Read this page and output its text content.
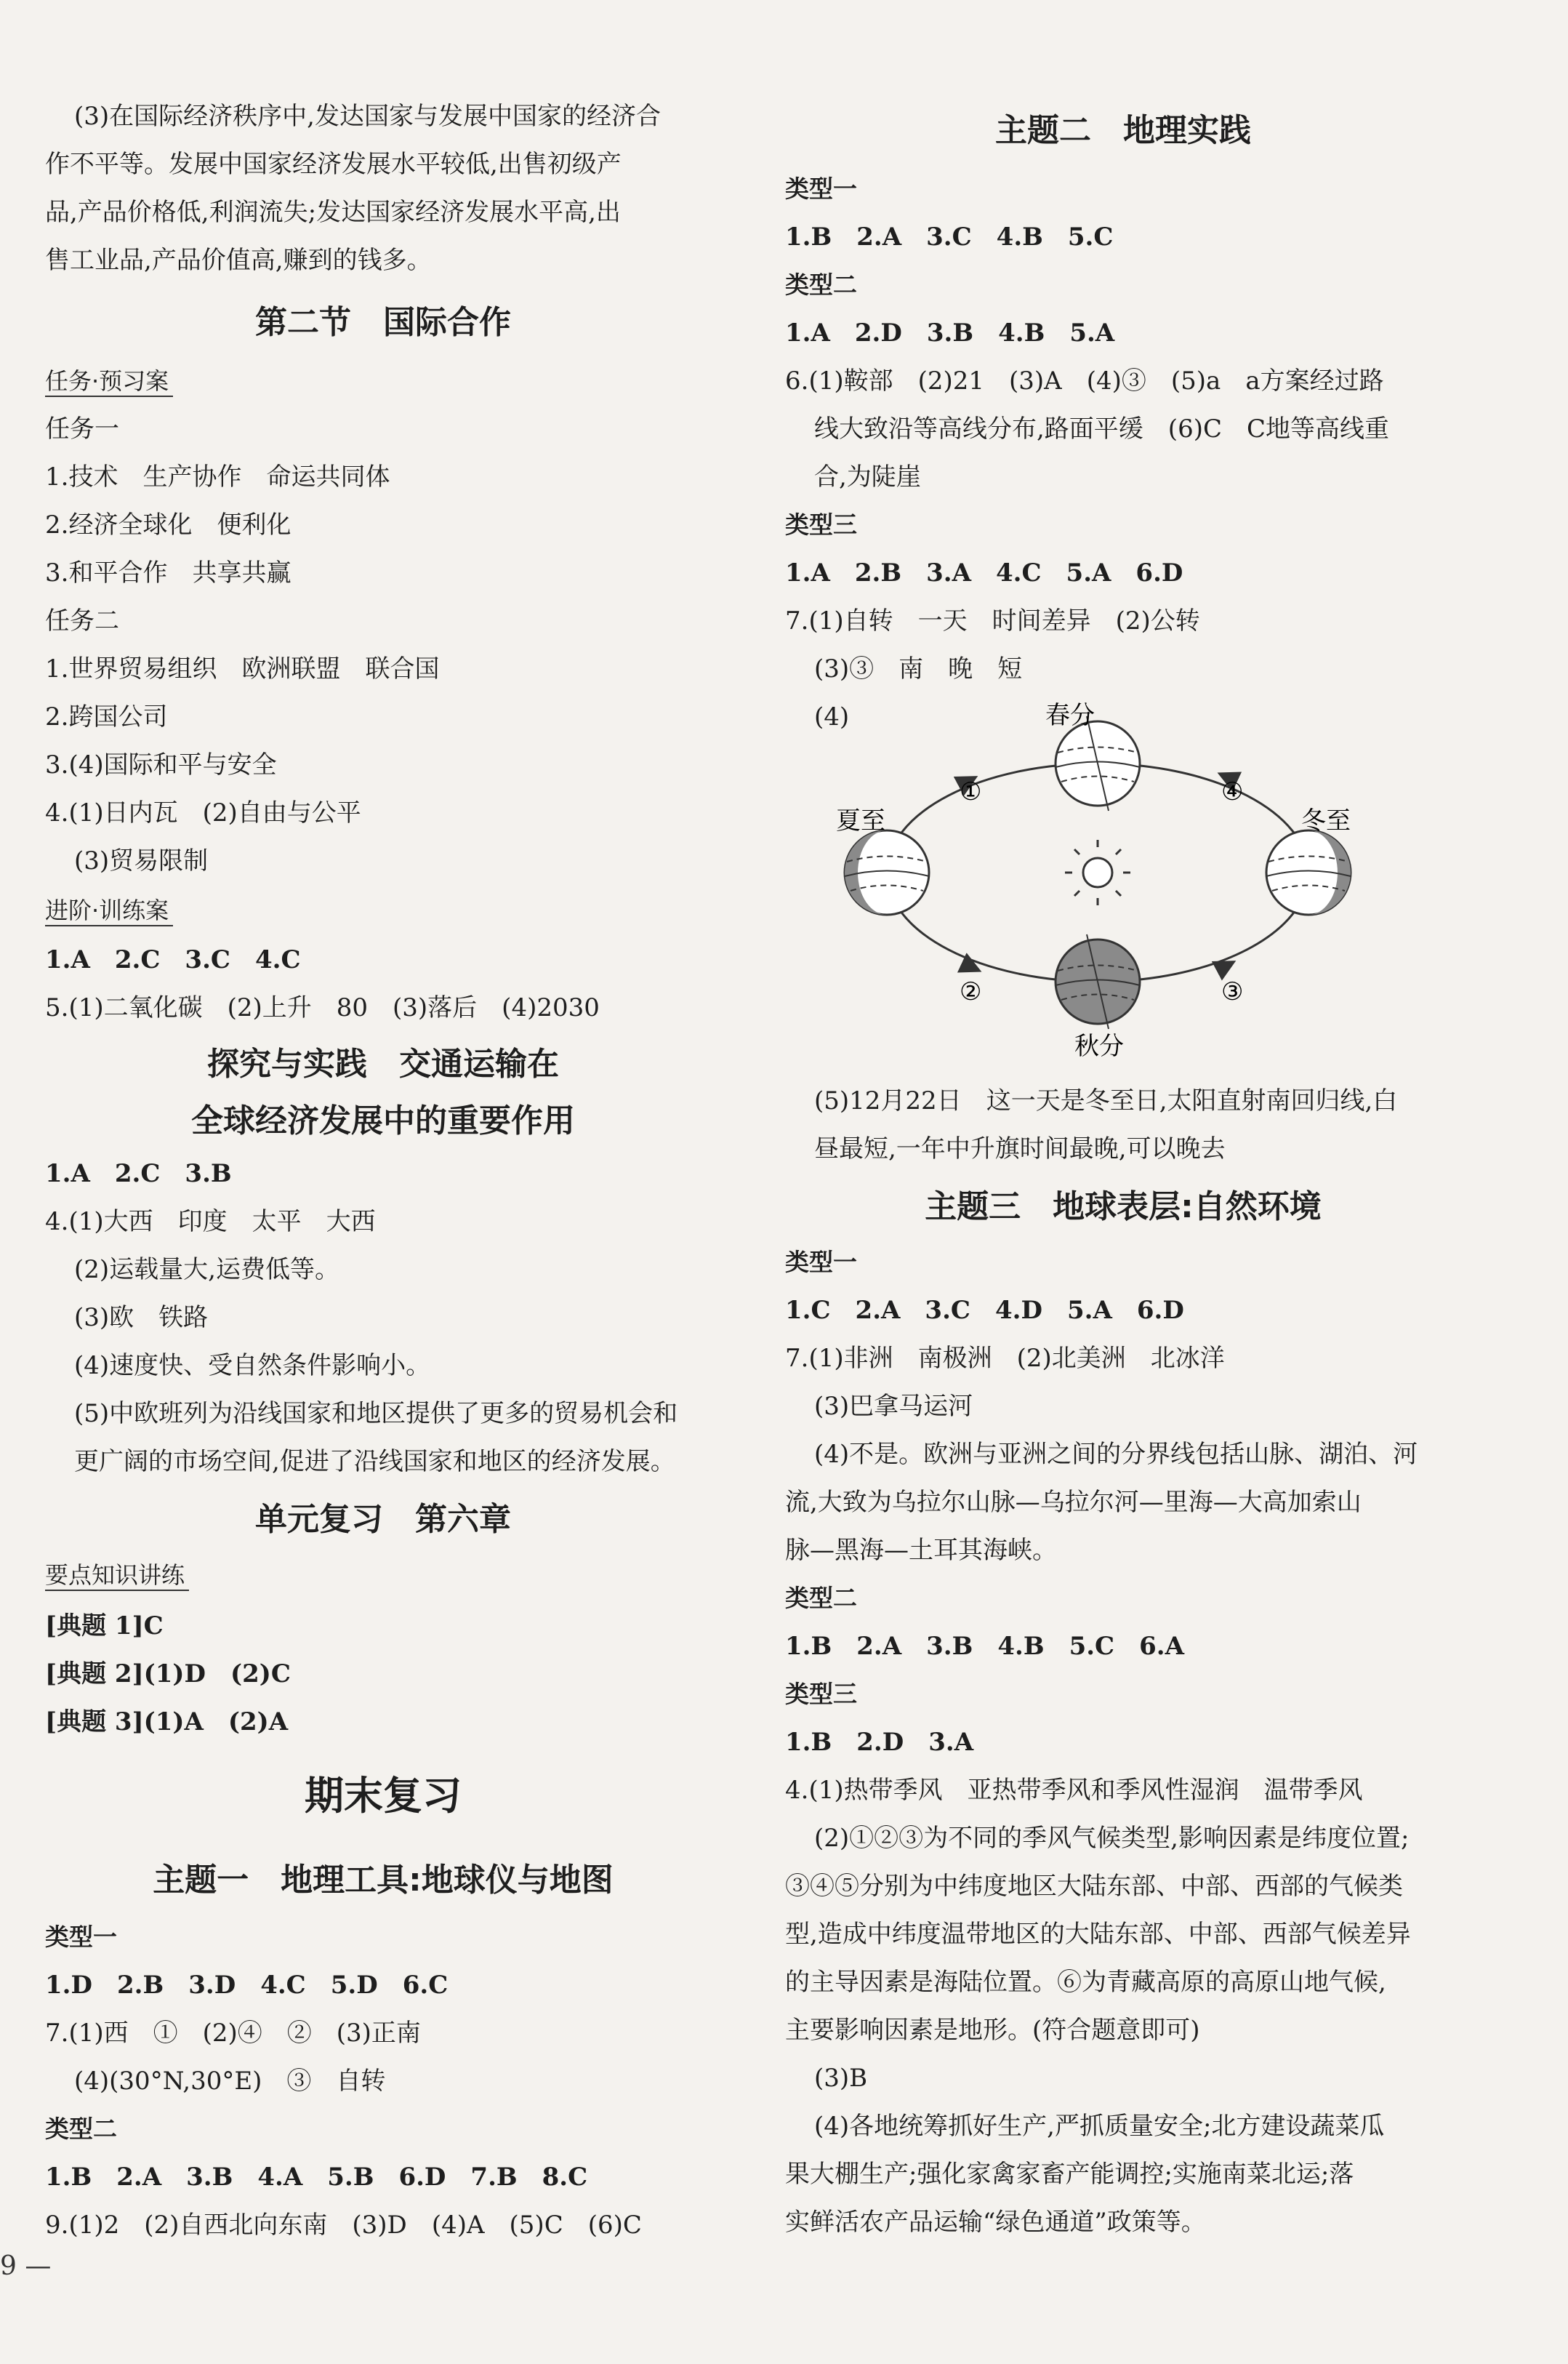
(3)在国际经济秩序中,发达国家与发展中国家的经济合
作不平等。发展中国家经济发展水平较低,出售初级产
品,产品价格低,利润流失;发达国家经济发展水平高,出
售工业品,产品价值高,赚到的钱多。
第二节　国际合作
任务·预习案
任务一
1.技术　生产协作　命运共同体
2.经济全球化　便利化
3.和平合作　共享共赢
任务二
1.世界贸易组织　欧洲联盟　联合国
2.跨国公司
3.(4)国际和平与安全
4.(1)日内瓦　(2)自由与公平
(3)贸易限制
进阶·训练案
1.A　2.C　3.C　4.C
5.(1)二氧化碳　(2)上升　80　(3)落后　(4)2030
探究与实践　交通运输在
全球经济发展中的重要作用
1.A　2.C　3.B
4.(1)大西　印度　太平　大西
(2)运载量大,运费低等。
(3)欧　铁路
(4)速度快、受自然条件影响小。
(5)中欧班列为沿线国家和地区提供了更多的贸易机会和
更广阔的市场空间,促进了沿线国家和地区的经济发展。
单元复习　第六章
要点知识讲练
[典题 1]C
[典题 2](1)D　(2)C
[典题 3](1)A　(2)A
期末复习
主题一　地理工具:地球仪与地图
类型一
1.D　2.B　3.D　4.C　5.D　6.C
7.(1)西　①　(2)④　②　(3)正南
(4)(30°N,30°E)　③　自转
类型二
1.B　2.A　3.B　4.A　5.B　6.D　7.B　8.C
9.(1)2　(2)自西北向东南　(3)D　(4)A　(5)C　(6)C
9 —
主题二　地理实践
类型一
1.B　2.A　3.C　4.B　5.C
类型二
1.A　2.D　3.B　4.B　5.A
6.(1)鞍部　(2)21　(3)A　(4)③　(5)a　a方案经过路
线大致沿等高线分布,路面平缓　(6)C　C地等高线重
合,为陡崖
类型三
1.A　2.B　3.A　4.C　5.A　6.D
7.(1)自转　一天　时间差异　(2)公转
(3)③　南　晚　短
(4)
(5)12月22日　这一天是冬至日,太阳直射南回归线,白
昼最短,一年中升旗时间最晚,可以晚去
主题三　地球表层:自然环境
类型一
1.C　2.A　3.C　4.D　5.A　6.D
7.(1)非洲　南极洲　(2)北美洲　北冰洋
(3)巴拿马运河
(4)不是。欧洲与亚洲之间的分界线包括山脉、湖泊、河
流,大致为乌拉尔山脉—乌拉尔河—里海—大高加索山
脉—黑海—土耳其海峡。
类型二
1.B　2.A　3.B　4.B　5.C　6.A
类型三
1.B　2.D　3.A
4.(1)热带季风　亚热带季风和季风性湿润　温带季风
(2)①②③为不同的季风气候类型,影响因素是纬度位置;
③④⑤分别为中纬度地区大陆东部、中部、西部的气候类
型,造成中纬度温带地区的大陆东部、中部、西部气候差异
的主导因素是海陆位置。⑥为青藏高原的高原山地气候,
主要影响因素是地形。(符合题意即可)
(3)B
(4)各地统筹抓好生产,严抓质量安全;北方建设蔬菜瓜
果大棚生产;强化家禽家畜产能调控;实施南菜北运;落
实鲜活农产品运输“绿色通道”政策等。
春分
夏至	冬至
秋分
①
②	③
④
